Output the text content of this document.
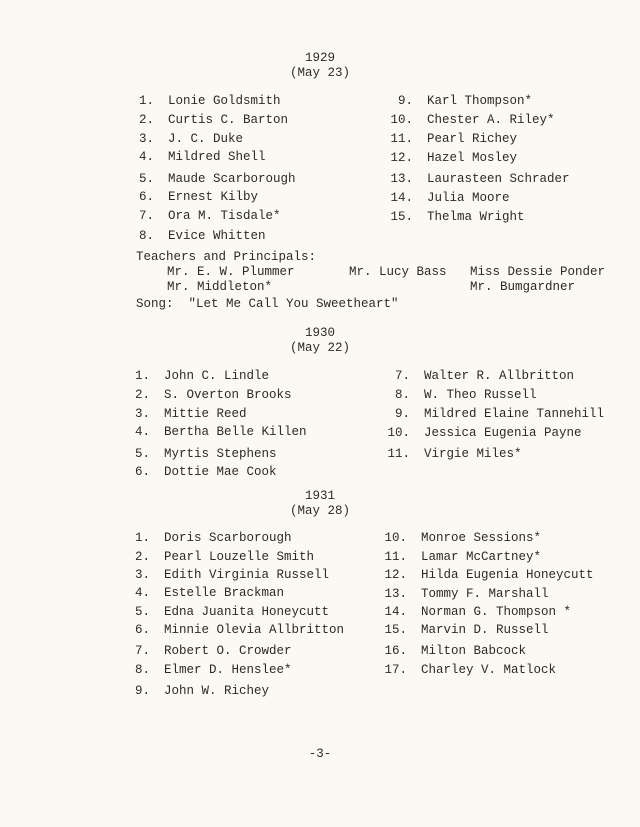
1929
(May 23)
1. Lonie Goldsmith
2. Curtis C. Barton
3. J. C. Duke
4. Mildred Shell
5. Maude Scarborough
6. Ernest Kilby
7. Ora M. Tisdale*
8. Evice Whitten
9. Karl Thompson*
10. Chester A. Riley*
11. Pearl Richey
12. Hazel Mosley
13. Laurasteen Schrader
14. Julia Moore
15. Thelma Wright
Teachers and Principals:
Mr. E. W. Plummer	Mr. Lucy Bass Miss Dessie Ponder
Mr. Middleton*	Mr. Bumgardner
Song:  "Let Me Call You Sweetheart"
1930
(May 22)
1. John C. Lindle
2. S. Overton Brooks
3. Mittie Reed
4. Bertha Belle Killen
5. Myrtis Stephens
6. Dottie Mae Cook
7. Walter R. Allbritton
8. W. Theo Russell
9. Mildred Elaine Tannehill
10. Jessica Eugenia Payne
11. Virgie Miles*
1931
(May 28)
1. Doris Scarborough
2. Pearl Louzelle Smith
3. Edith Virginia Russell
4. Estelle Brackman
5. Edna Juanita Honeycutt
6. Minnie Olevia Allbritton
7. Robert O. Crowder
8. Elmer D. Henslee*
9. John W. Richey
10. Monroe Sessions*
11. Lamar McCartney*
12. Hilda Eugenia Honeycutt
13. Tommy F. Marshall
14. Norman G. Thompson *
15. Marvin D. Russell
16. Milton Babcock
17. Charley V. Matlock
-3-
